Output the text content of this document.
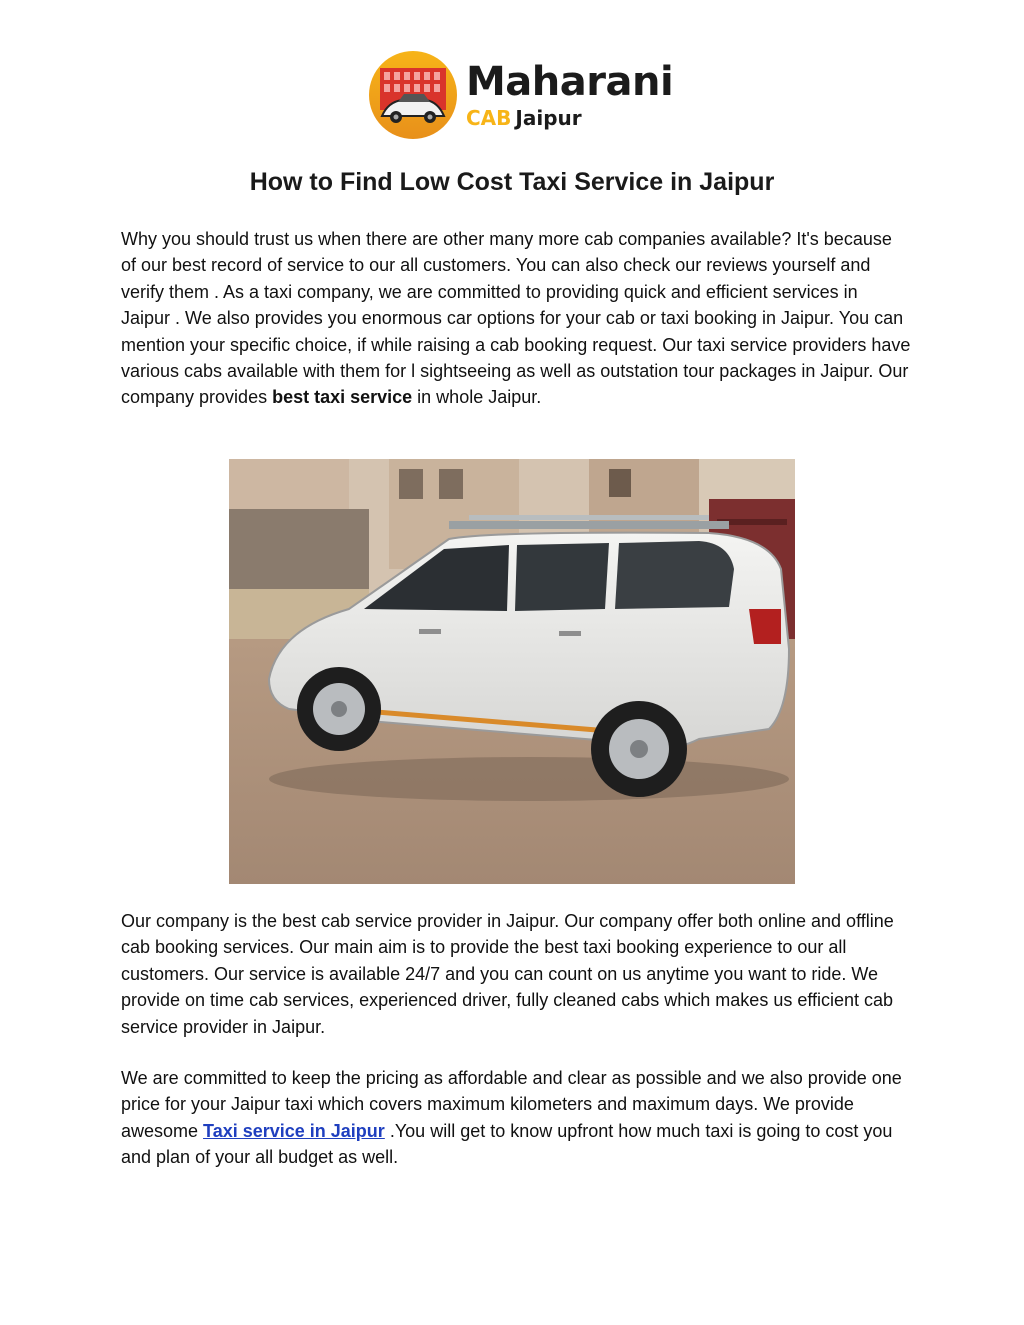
Maharani
CAB Jaipur
How to Find Low Cost Taxi Service in Jaipur

Why you should trust us when there are other many more cab companies available? It's because of our best record of service to our all customers. You can also check our reviews yourself and verify them . As a taxi company, we are committed to providing quick and efficient services in Jaipur . We also provides you enormous car options for your cab or taxi booking in Jaipur. You can mention your specific choice, if while raising a cab booking request. Our taxi service providers have various cabs available with them for l sightseeing as well as outstation tour packages in Jaipur. Our company provides best taxi service in whole Jaipur.

Our company is the best cab service provider in Jaipur. Our company offer both online and offline cab booking services. Our main aim is to provide the best taxi booking experience to our all customers. Our service is available 24/7 and you can count on us anytime you want to ride. We provide on time cab services, experienced driver, fully cleaned cabs which makes us efficient cab service provider in Jaipur.

We are committed to keep the pricing as affordable and clear as possible and we also provide one price for your Jaipur taxi which covers maximum kilometers and maximum days. We provide awesome Taxi service in Jaipur .You will get to know upfront how much taxi is going to cost you and plan of your all budget as well.
